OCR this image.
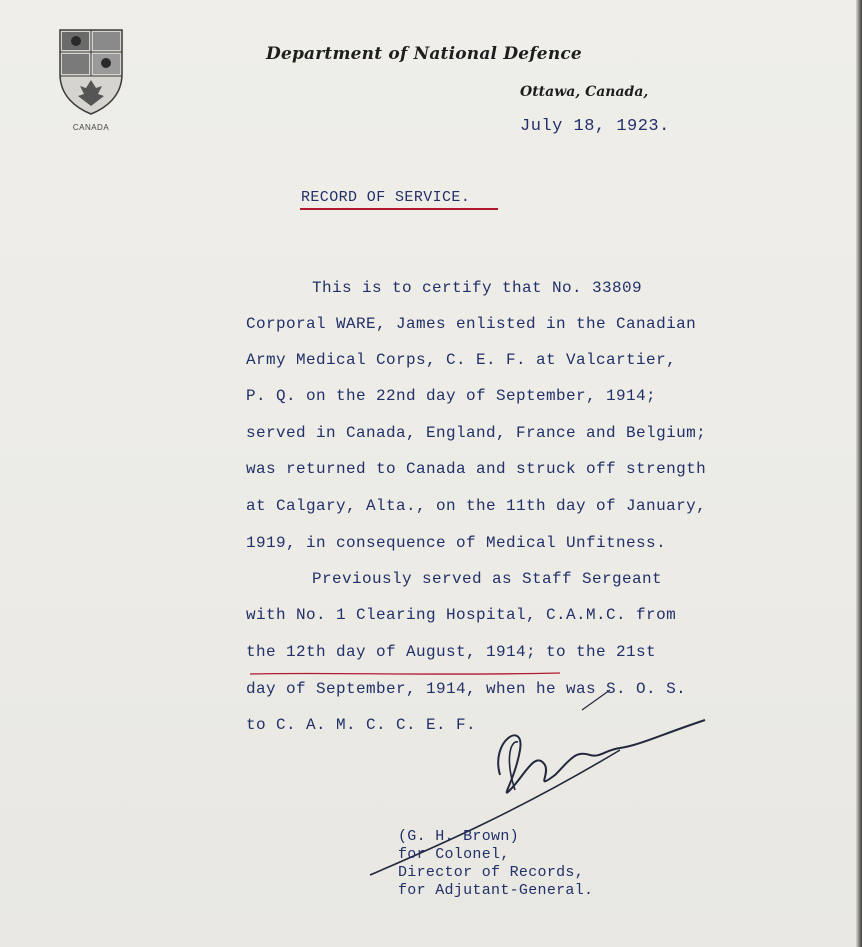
CANADA
Department of National Defence
Ottawa, Canada,
July 18, 1923.
RECORD OF SERVICE.
This is to certify that No. 33809
Corporal WARE, James enlisted in the Canadian
Army Medical Corps, C. E. F. at Valcartier,
P. Q. on the 22nd day of September, 1914;
served in Canada, England, France and Belgium;
was returned to Canada and struck off strength
at Calgary, Alta., on the 11th day of January,
1919, in consequence of Medical Unfitness.
Previously served as Staff Sergeant
with No. 1 Clearing Hospital, C.A.M.C. from
the 12th day of August, 1914; to the 21st
day of September, 1914, when he was S. O. S.
to C. A. M. C. C. E. F.
(G. H. Brown)
for Colonel,
Director of Records,
for Adjutant-General.
